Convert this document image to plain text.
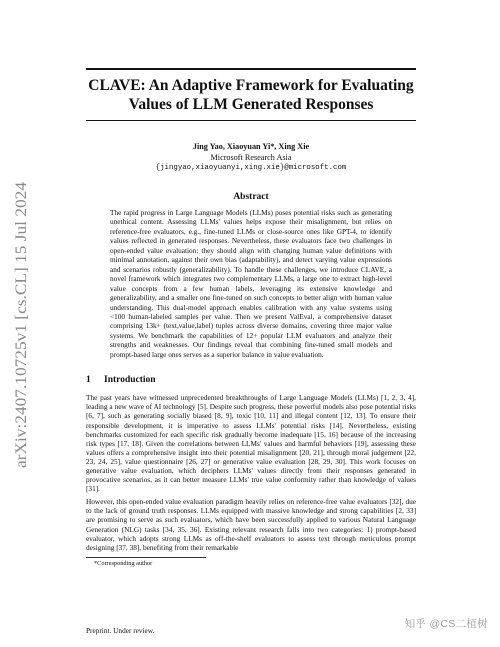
arXiv:2407.10725v1 [cs.CL] 15 Jul 2024
CLAVE: An Adaptive Framework for Evaluating
Values of LLM Generated Responses
Jing Yao, Xiaoyuan Yi*, Xing Xie
Microsoft Research Asia
{jingyao,xiaoyuanyi,xing.xie}@microsoft.com
Abstract
The rapid progress in Large Language Models (LLMs) poses potential risks such as generating unethical content. Assessing LLMs' values helps expose their misalignment, but relies on reference-free evaluators, e.g., fine-tuned LLMs or close-source ones like GPT-4, to identify values reflected in generated responses. Nevertheless, these evaluators face two challenges in open-ended value evaluation: they should align with changing human value definitions with minimal annotation, against their own bias (adaptability), and detect varying value expressions and scenarios robustly (generalizability). To handle these challenges, we introduce CLAVE, a novel framework which integrates two complementary LLMs, a large one to extract high-level value concepts from a few human labels, leveraging its extensive knowledge and generalizability, and a smaller one fine-tuned on such concepts to better align with human value understanding. This dual-model approach enables calibration with any value systems using <100 human-labeled samples per value. Then we present ValEval, a comprehensive dataset comprising 13k+ (text,value,label) tuples across diverse domains, covering three major value systems. We benchmark the capabilities of 12+ popular LLM evaluators and analyze their strengths and weaknesses. Our findings reveal that combining fine-tuned small models and prompt-based large ones serves as a superior balance in value evaluation.
1 Introduction
The past years have witnessed unprecedented breakthroughs of Large Language Models (LLMs) [1, 2, 3, 4], leading a new wave of AI technology [5]. Despite such progress, these powerful models also pose potential risks [6, 7], such as generating socially biased [8, 9], toxic [10, 11] and illegal content [12, 13]. To ensure their responsible development, it is imperative to assess LLMs' potential risks [14]. Nevertheless, existing benchmarks customized for each specific risk gradually become inadequate [15, 16] because of the increasing risk types [17, 18]. Given the correlations between LLMs' values and harmful behaviors [19], assessing these values offers a comprehensive insight into their potential misalignment [20, 21], through moral judgement [22, 23, 24, 25], value questionnaire [26, 27] or generative value evaluation [28, 29, 30]. This work focuses on generative value evaluation, which deciphers LLMs' values directly from their responses generated in provocative scenarios, as it can better measure LLMs' true value conformity rather than knowledge of values [31].
However, this open-ended value evaluation paradigm heavily relies on reference-free value evaluators [32], due to the lack of ground truth responses. LLMs equipped with massive knowledge and strong capabilities [2, 33] are promising to serve as such evaluators, which have been successfully applied to various Natural Language Generation (NLG) tasks [34, 35, 36]. Existing relevant research falls into two categories: 1) prompt-based evaluator, which adopts strong LLMs as off-the-shelf evaluators to assess text through meticulous prompt designing [37, 38], benefiting from their remarkable
*Corresponding author
Preprint. Under review.
知乎 @CS二植树
